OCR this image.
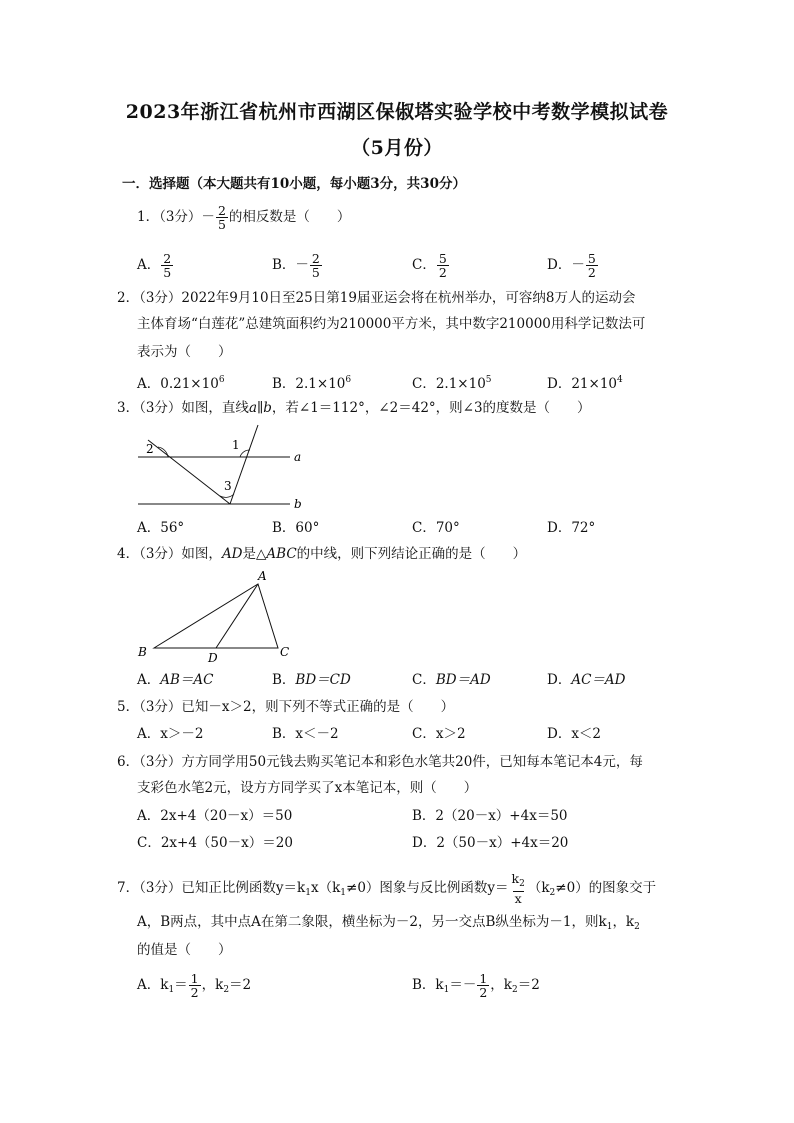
2023年浙江省杭州市西湖区保俶塔实验学校中考数学模拟试卷
（5月份）
一．选择题（本大题共有10小题，每小题3分，共30分）
1．（3分）－ $\frac{2}{5}$ 的相反数是（　　）
A． $\frac{2}{5}$	B．－ $\frac{2}{5}$	C． $\frac{5}{2}$	D．－ $\frac{5}{2}$
2．（3分）2022年9月10日至25日第19届亚运会将在杭州举办，可容纳8万人的运动会
主体育场“白莲花”总建筑面积约为210000平方米，其中数字210000用科学记数法可
表示为（　　）
A．$0.21\times 10^6$	B．$2.1\times 10^6$	C．$2.1\times 10^5$	D．$21\times 10^4$
3．（3分）如图，直线a∥b，若∠1＝112°，∠2＝42°，则∠3的度数是（　　）
1
2
3
a
b
A．56°	B．60°	C．70°	D．72°
4．（3分）如图，AD是△ABC的中线，则下列结论正确的是（　　）
A
B	C
D
A．AB＝AC	B．BD＝CD	C．BD＝AD	D．AC＝AD
5．（3分）已知－x＞2，则下列不等式正确的是（　　）
A．x＞－2	B．x＜－2	C．x＞2	D．x＜2
6．（3分）方方同学用50元钱去购买笔记本和彩色水笔共20件，已知每本笔记本4元，每
支彩色水笔2元，设方方同学买了x本笔记本，则（　　）
A．2x+4（20－x）＝50	B．2（20－x）+4x＝50
C．2x+4（50－x）＝20	D．2（50－x）+4x＝20
7．（3分）已知正比例函数$y=k_1x(k_1\ne 0)$图象与反比例函数$y= \frac{k_2}{x} (k_2\ne 0)$的图象交于
A，B两点，其中点A在第二象限，横坐标为－2，另一交点B纵坐标为－1，则$k_1$，$k_2$
的值是（　　）
A．$k_1= \frac{1}{2}$ ，$k_2=2$	B．$k_1=- \frac{1}{2}$ ，$k_2=2$
